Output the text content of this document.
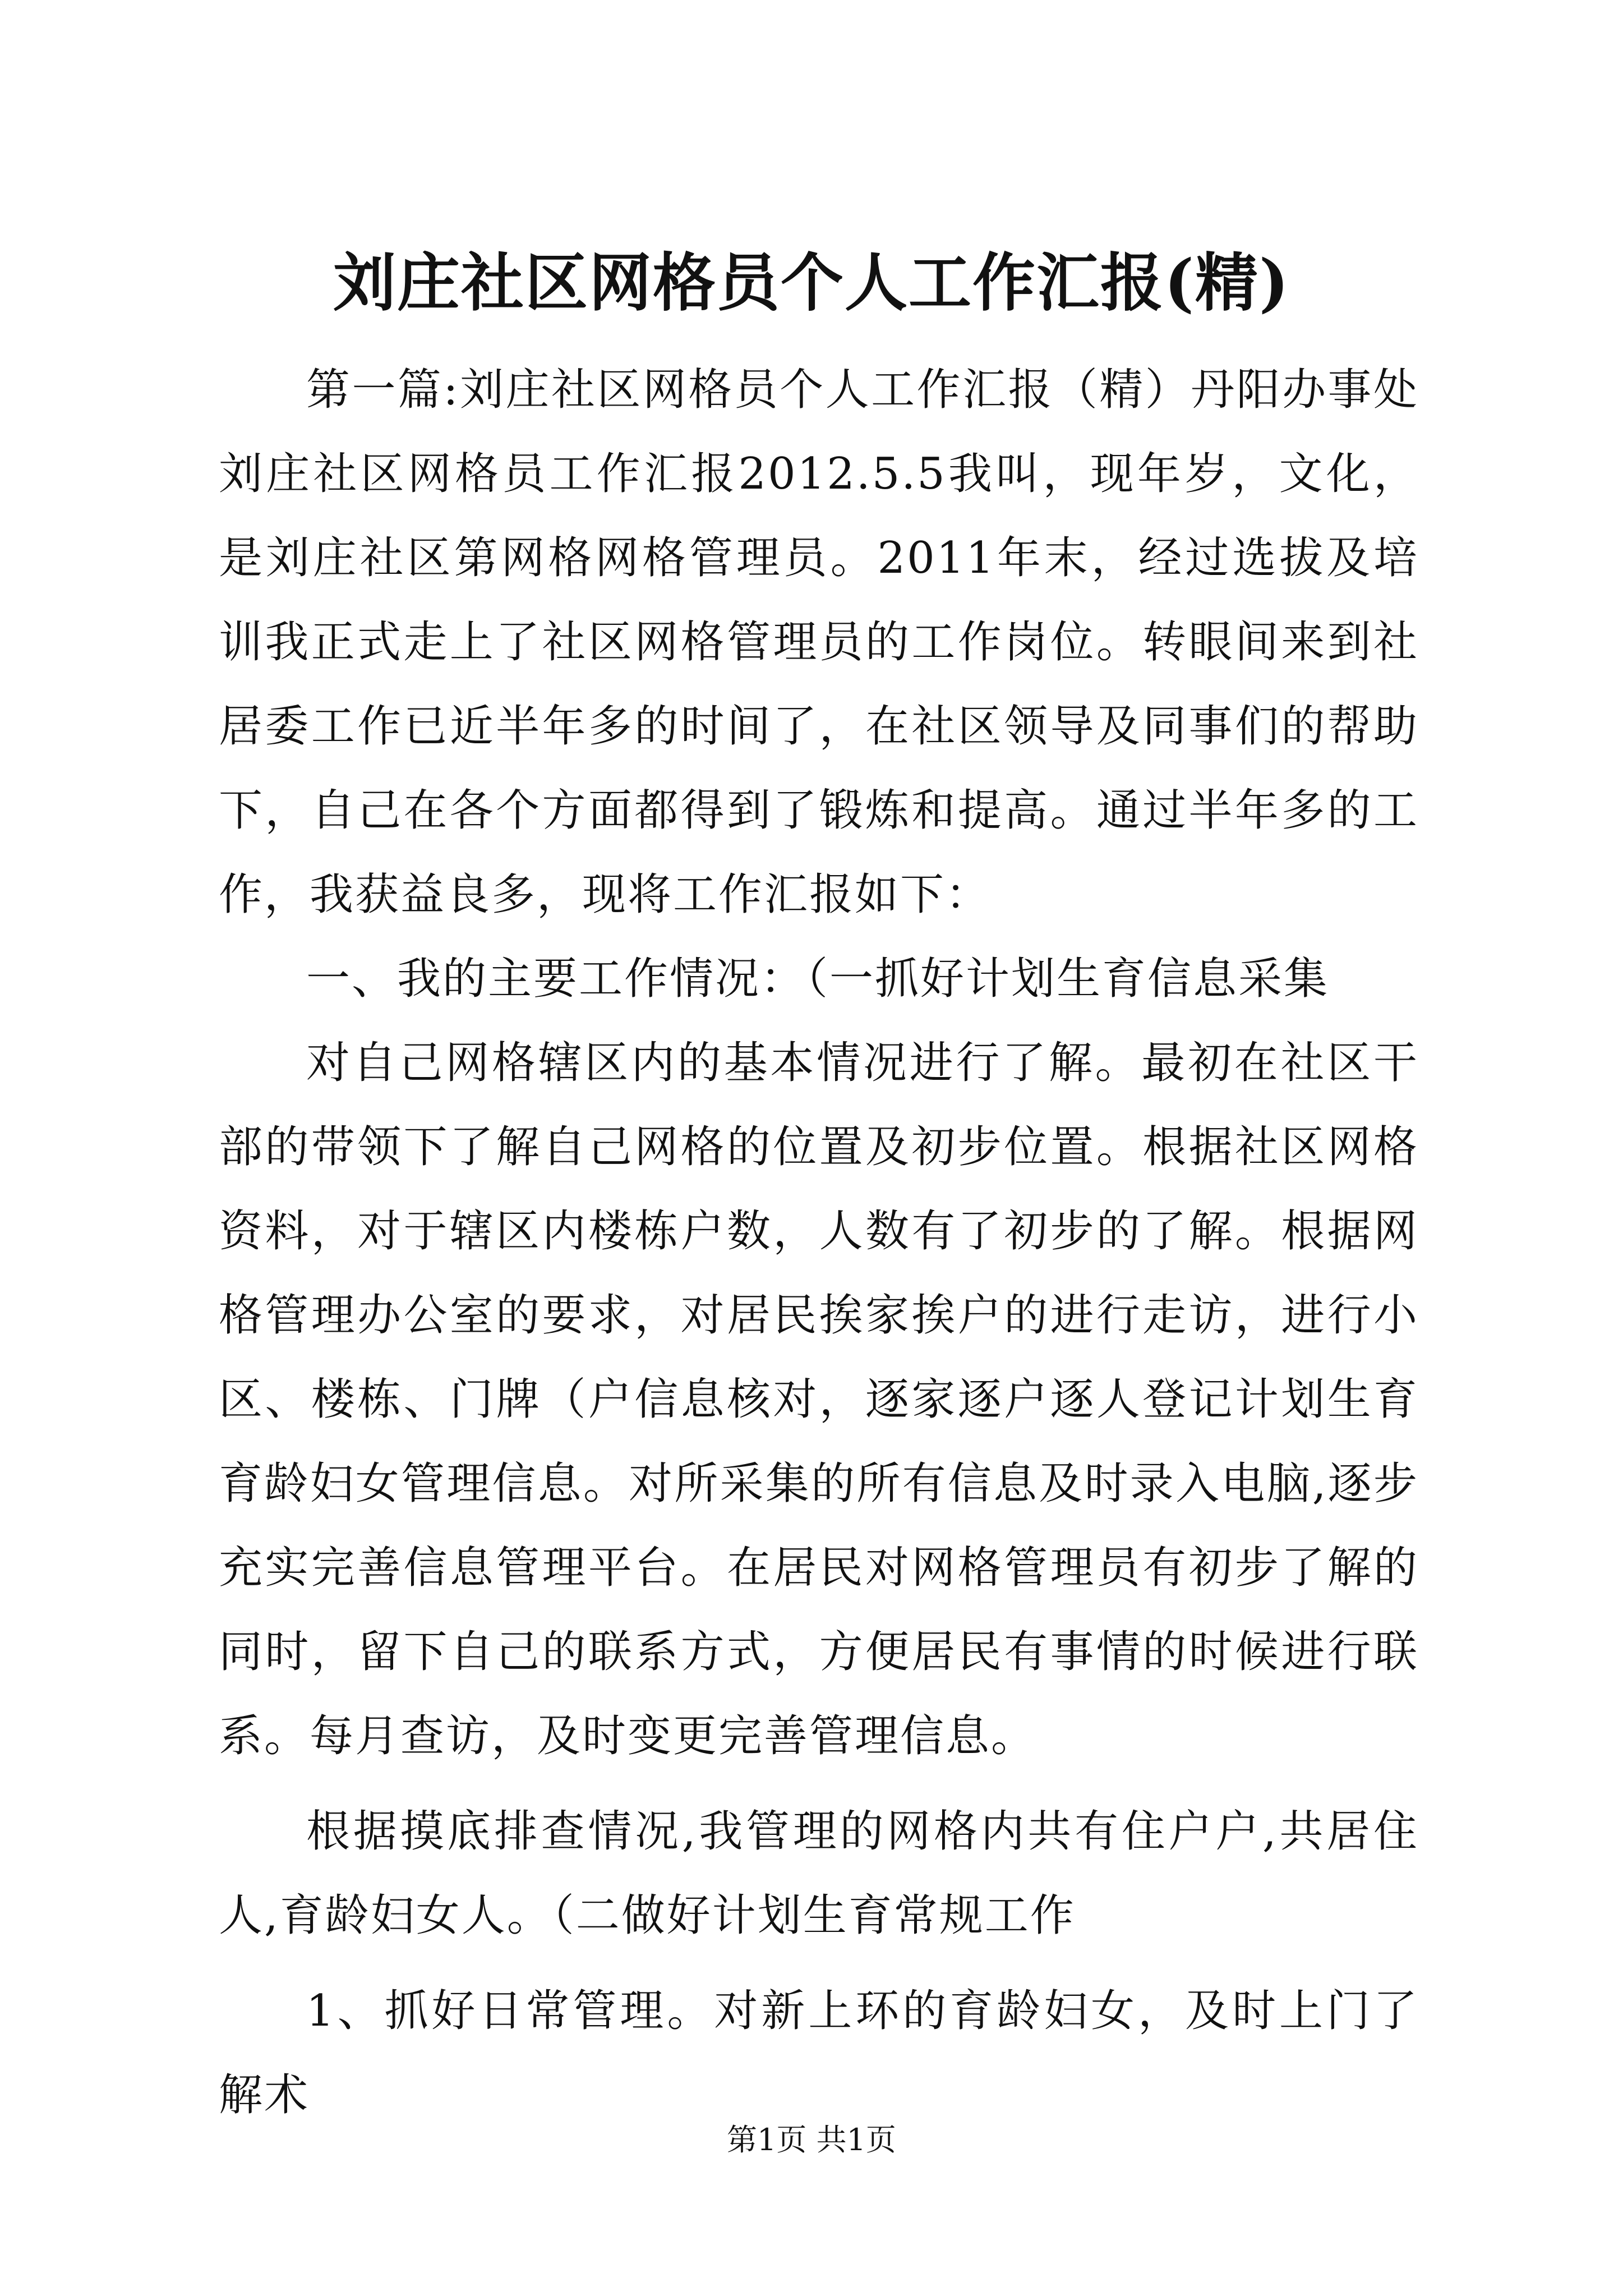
刘庄社区网格员个人工作汇报(精)

第一篇:刘庄社区网格员个人工作汇报（精）丹阳办事处刘庄社区网格员工作汇报2012.5.5我叫，现年岁，文化，是刘庄社区第网格网格管理员。2011年末，经过选拔及培训我正式走上了社区网格管理员的工作岗位。转眼间来到社居委工作已近半年多的时间了，在社区领导及同事们的帮助下，自己在各个方面都得到了锻炼和提高。通过半年多的工作，我获益良多，现将工作汇报如下：

一、我的主要工作情况：（一抓好计划生育信息采集

对自己网格辖区内的基本情况进行了解。最初在社区干部的带领下了解自己网格的位置及初步位置。根据社区网格资料，对于辖区内楼栋户数，人数有了初步的了解。根据网格管理办公室的要求，对居民挨家挨户的进行走访，进行小区、楼栋、门牌（户信息核对，逐家逐户逐人登记计划生育育龄妇女管理信息。对所采集的所有信息及时录入电脑,逐步充实完善信息管理平台。在居民对网格管理员有初步了解的同时，留下自己的联系方式，方便居民有事情的时候进行联系。每月查访，及时变更完善管理信息。

根据摸底排查情况,我管理的网格内共有住户户,共居住人,育龄妇女人。（二做好计划生育常规工作

1、抓好日常管理。对新上环的育龄妇女，及时上门了解术

第1页 共1页
